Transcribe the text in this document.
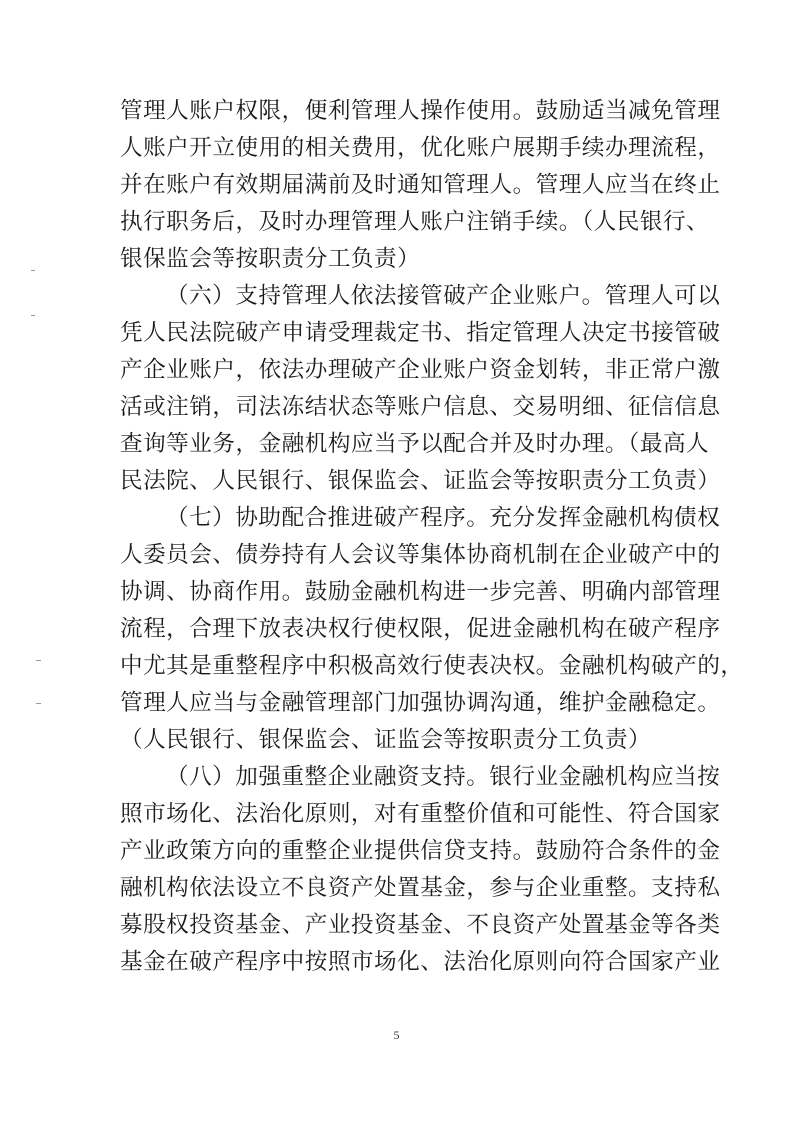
管理人账户权限，便利管理人操作使用。鼓励适当减免管理
人账户开立使用的相关费用，优化账户展期手续办理流程，
并在账户有效期届满前及时通知管理人。管理人应当在终止
执行职务后，及时办理管理人账户注销手续。（人民银行、
银保监会等按职责分工负责）
（六）支持管理人依法接管破产企业账户。管理人可以
凭人民法院破产申请受理裁定书、指定管理人决定书接管破
产企业账户，依法办理破产企业账户资金划转，非正常户激
活或注销，司法冻结状态等账户信息、交易明细、征信信息
查询等业务，金融机构应当予以配合并及时办理。（最高人
民法院、人民银行、银保监会、证监会等按职责分工负责）
（七）协助配合推进破产程序。充分发挥金融机构债权
人委员会、债券持有人会议等集体协商机制在企业破产中的
协调、协商作用。鼓励金融机构进一步完善、明确内部管理
流程，合理下放表决权行使权限，促进金融机构在破产程序
中尤其是重整程序中积极高效行使表决权。金融机构破产的，
管理人应当与金融管理部门加强协调沟通，维护金融稳定。
（人民银行、银保监会、证监会等按职责分工负责）
（八）加强重整企业融资支持。银行业金融机构应当按
照市场化、法治化原则，对有重整价值和可能性、符合国家
产业政策方向的重整企业提供信贷支持。鼓励符合条件的金
融机构依法设立不良资产处置基金，参与企业重整。支持私
募股权投资基金、产业投资基金、不良资产处置基金等各类
基金在破产程序中按照市场化、法治化原则向符合国家产业
5
